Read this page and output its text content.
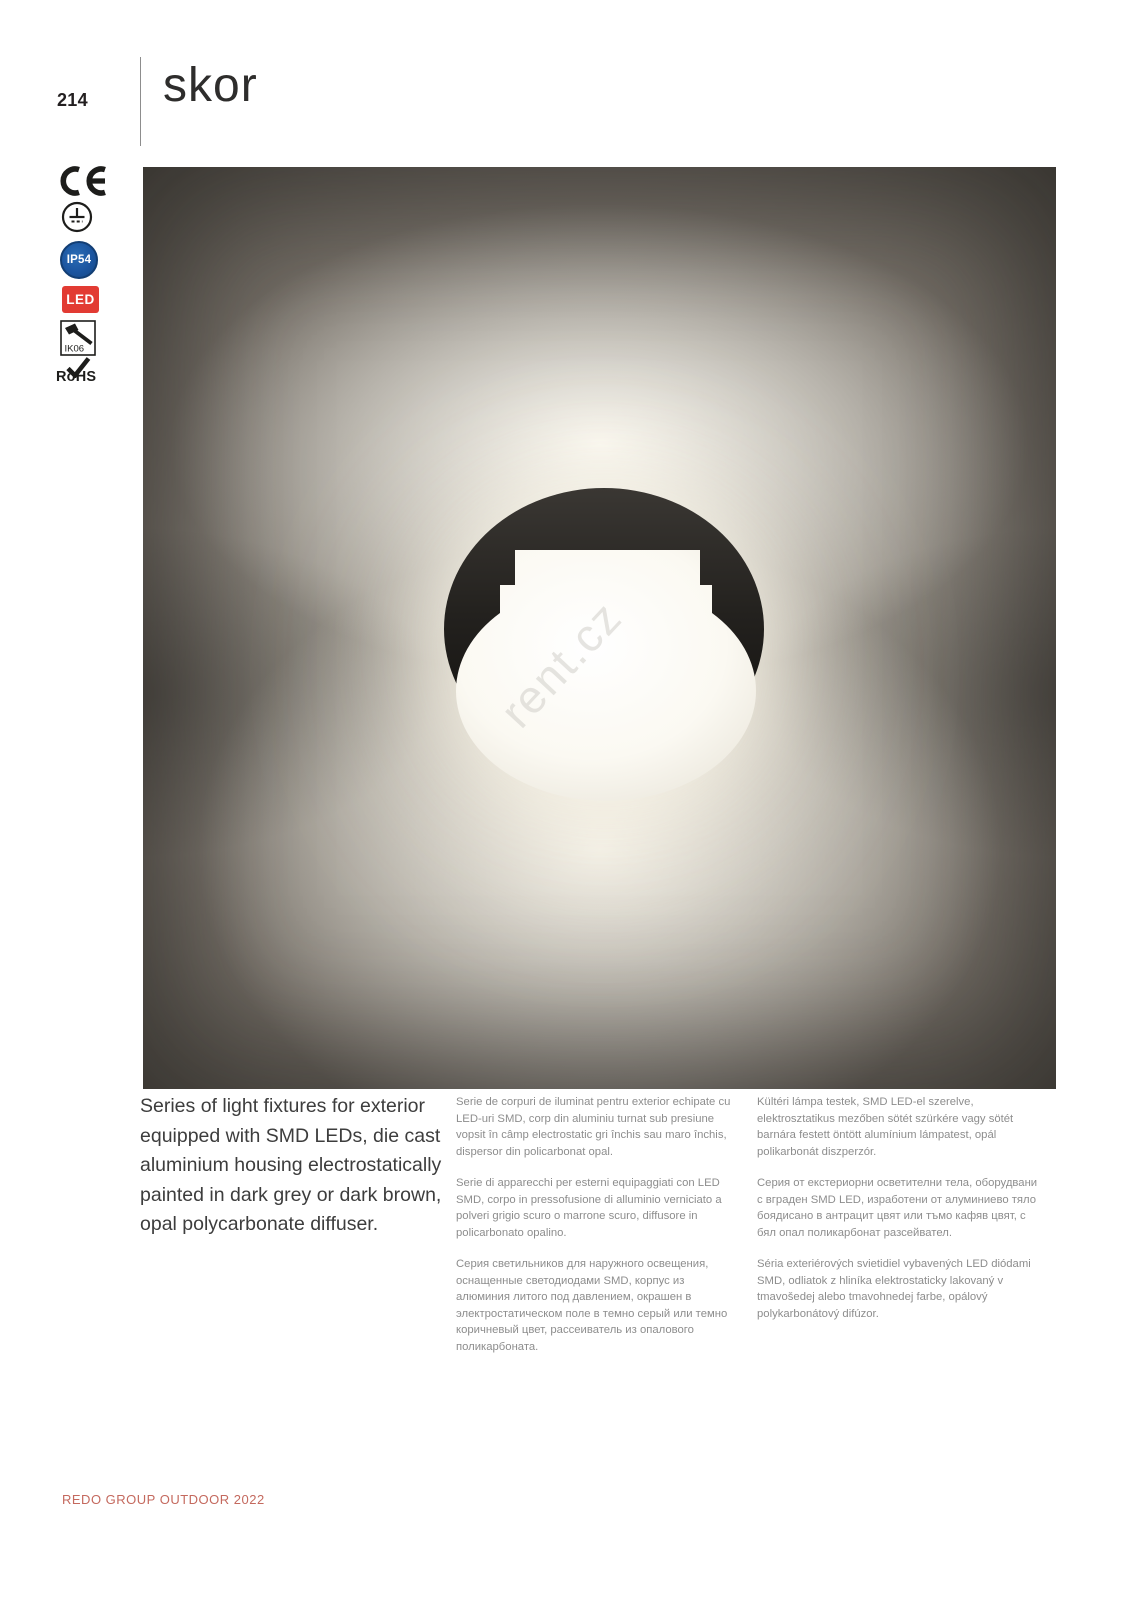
214 skor
IP54
LED
IK06
RoHS
rent.cz

Series of light fixtures for exterior equipped with SMD LEDs, die cast aluminium housing electrostatically painted in dark grey or dark brown, opal polycarbonate diffuser.

Serie de corpuri de iluminat pentru exterior echipate cu LED-uri SMD, corp din aluminiu turnat sub presiune vopsit în câmp electrostatic gri închis sau maro închis, dispersor din policarbonat opal.

Serie di apparecchi per esterni equipaggiati con LED SMD, corpo in pressofusione di alluminio verniciato a polveri grigio scuro o marrone scuro, diffusore in policarbonato opalino.

Серия светильников для наружного освещения, оснащенные светодиодами SMD, корпус из алюминия литого под давлением, окрашен в электростатическом поле в темно серый или темно коричневый цвет, рассеиватель из опалового поликарбоната.

Kültéri lámpa testek, SMD LED-el szerelve, elektrosztatikus mezőben sötét szürkére vagy sötét barnára festett öntött alumínium lámpatest, opál polikarbonát diszperzór.

Серия от екстериорни осветителни тела, оборудвани с вграден SMD LED, изработени от алуминиево тяло боядисано в антрацит цвят или тъмо кафяв цвят, с бял опал поликарбонат разсейвател.

Séria exteriérových svietidiel vybavených LED diódami SMD, odliatok z hliníka elektrostaticky lakovaný v tmavošedej alebo tmavohnedej farbe, opálový polykarbonátový difúzor.

REDO GROUP OUTDOOR 2022
